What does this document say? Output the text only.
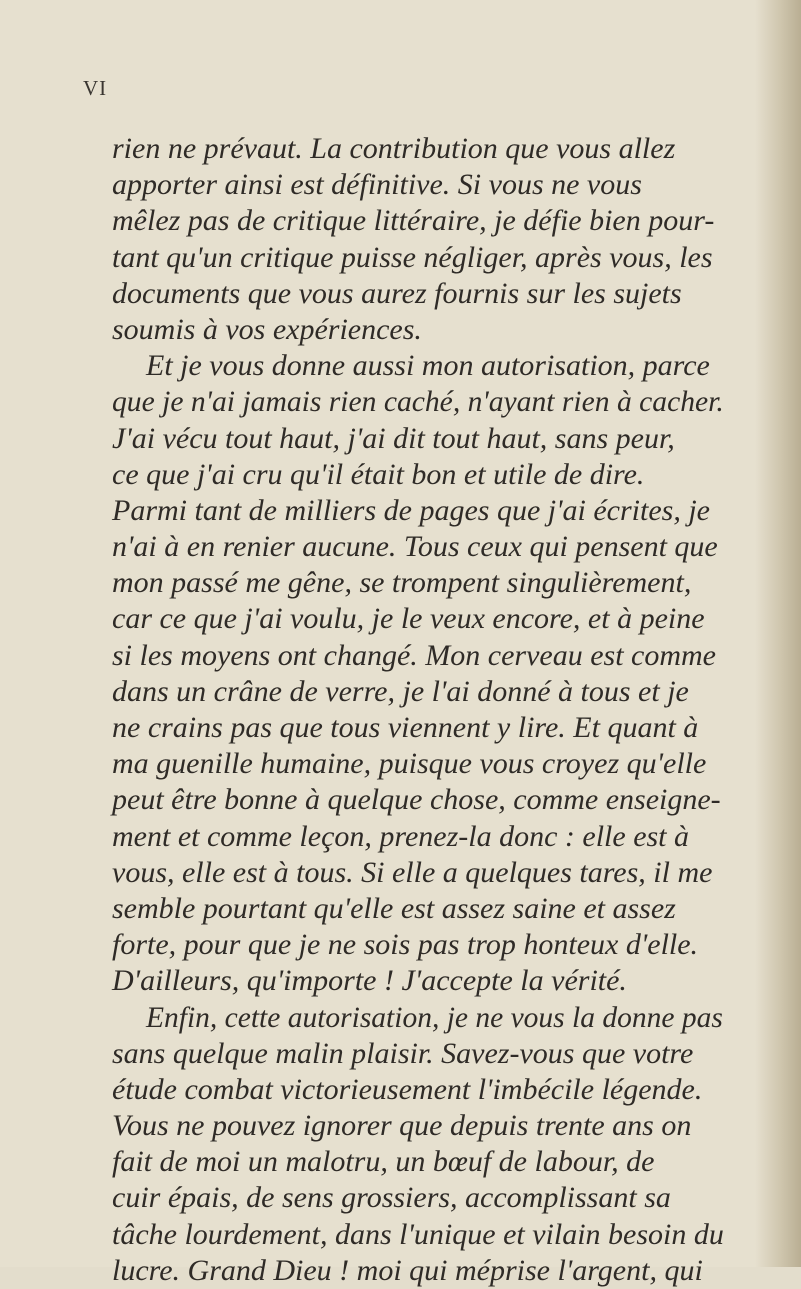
VI

rien ne prévaut. La contribution que vous allez
apporter ainsi est définitive. Si vous ne vous
mêlez pas de critique littéraire, je défie bien pour-
tant qu'un critique puisse négliger, après vous, les
documents que vous aurez fournis sur les sujets
soumis à vos expériences.

Et je vous donne aussi mon autorisation, parce
que je n'ai jamais rien caché, n'ayant rien à cacher.
J'ai vécu tout haut, j'ai dit tout haut, sans peur,
ce que j'ai cru qu'il était bon et utile de dire.
Parmi tant de milliers de pages que j'ai écrites, je
n'ai à en renier aucune. Tous ceux qui pensent que
mon passé me gêne, se trompent singulièrement,
car ce que j'ai voulu, je le veux encore, et à peine
si les moyens ont changé. Mon cerveau est comme
dans un crâne de verre, je l'ai donné à tous et je
ne crains pas que tous viennent y lire. Et quant à
ma guenille humaine, puisque vous croyez qu'elle
peut être bonne à quelque chose, comme enseigne-
ment et comme leçon, prenez-la donc : elle est à
vous, elle est à tous. Si elle a quelques tares, il me
semble pourtant qu'elle est assez saine et assez
forte, pour que je ne sois pas trop honteux d'elle.
D'ailleurs, qu'importe ! J'accepte la vérité.

Enfin, cette autorisation, je ne vous la donne pas
sans quelque malin plaisir. Savez-vous que votre
étude combat victorieusement l'imbécile légende.
Vous ne pouvez ignorer que depuis trente ans on
fait de moi un malotru, un bœuf de labour, de
cuir épais, de sens grossiers, accomplissant sa
tâche lourdement, dans l'unique et vilain besoin du
lucre. Grand Dieu ! moi qui méprise l'argent, qui
